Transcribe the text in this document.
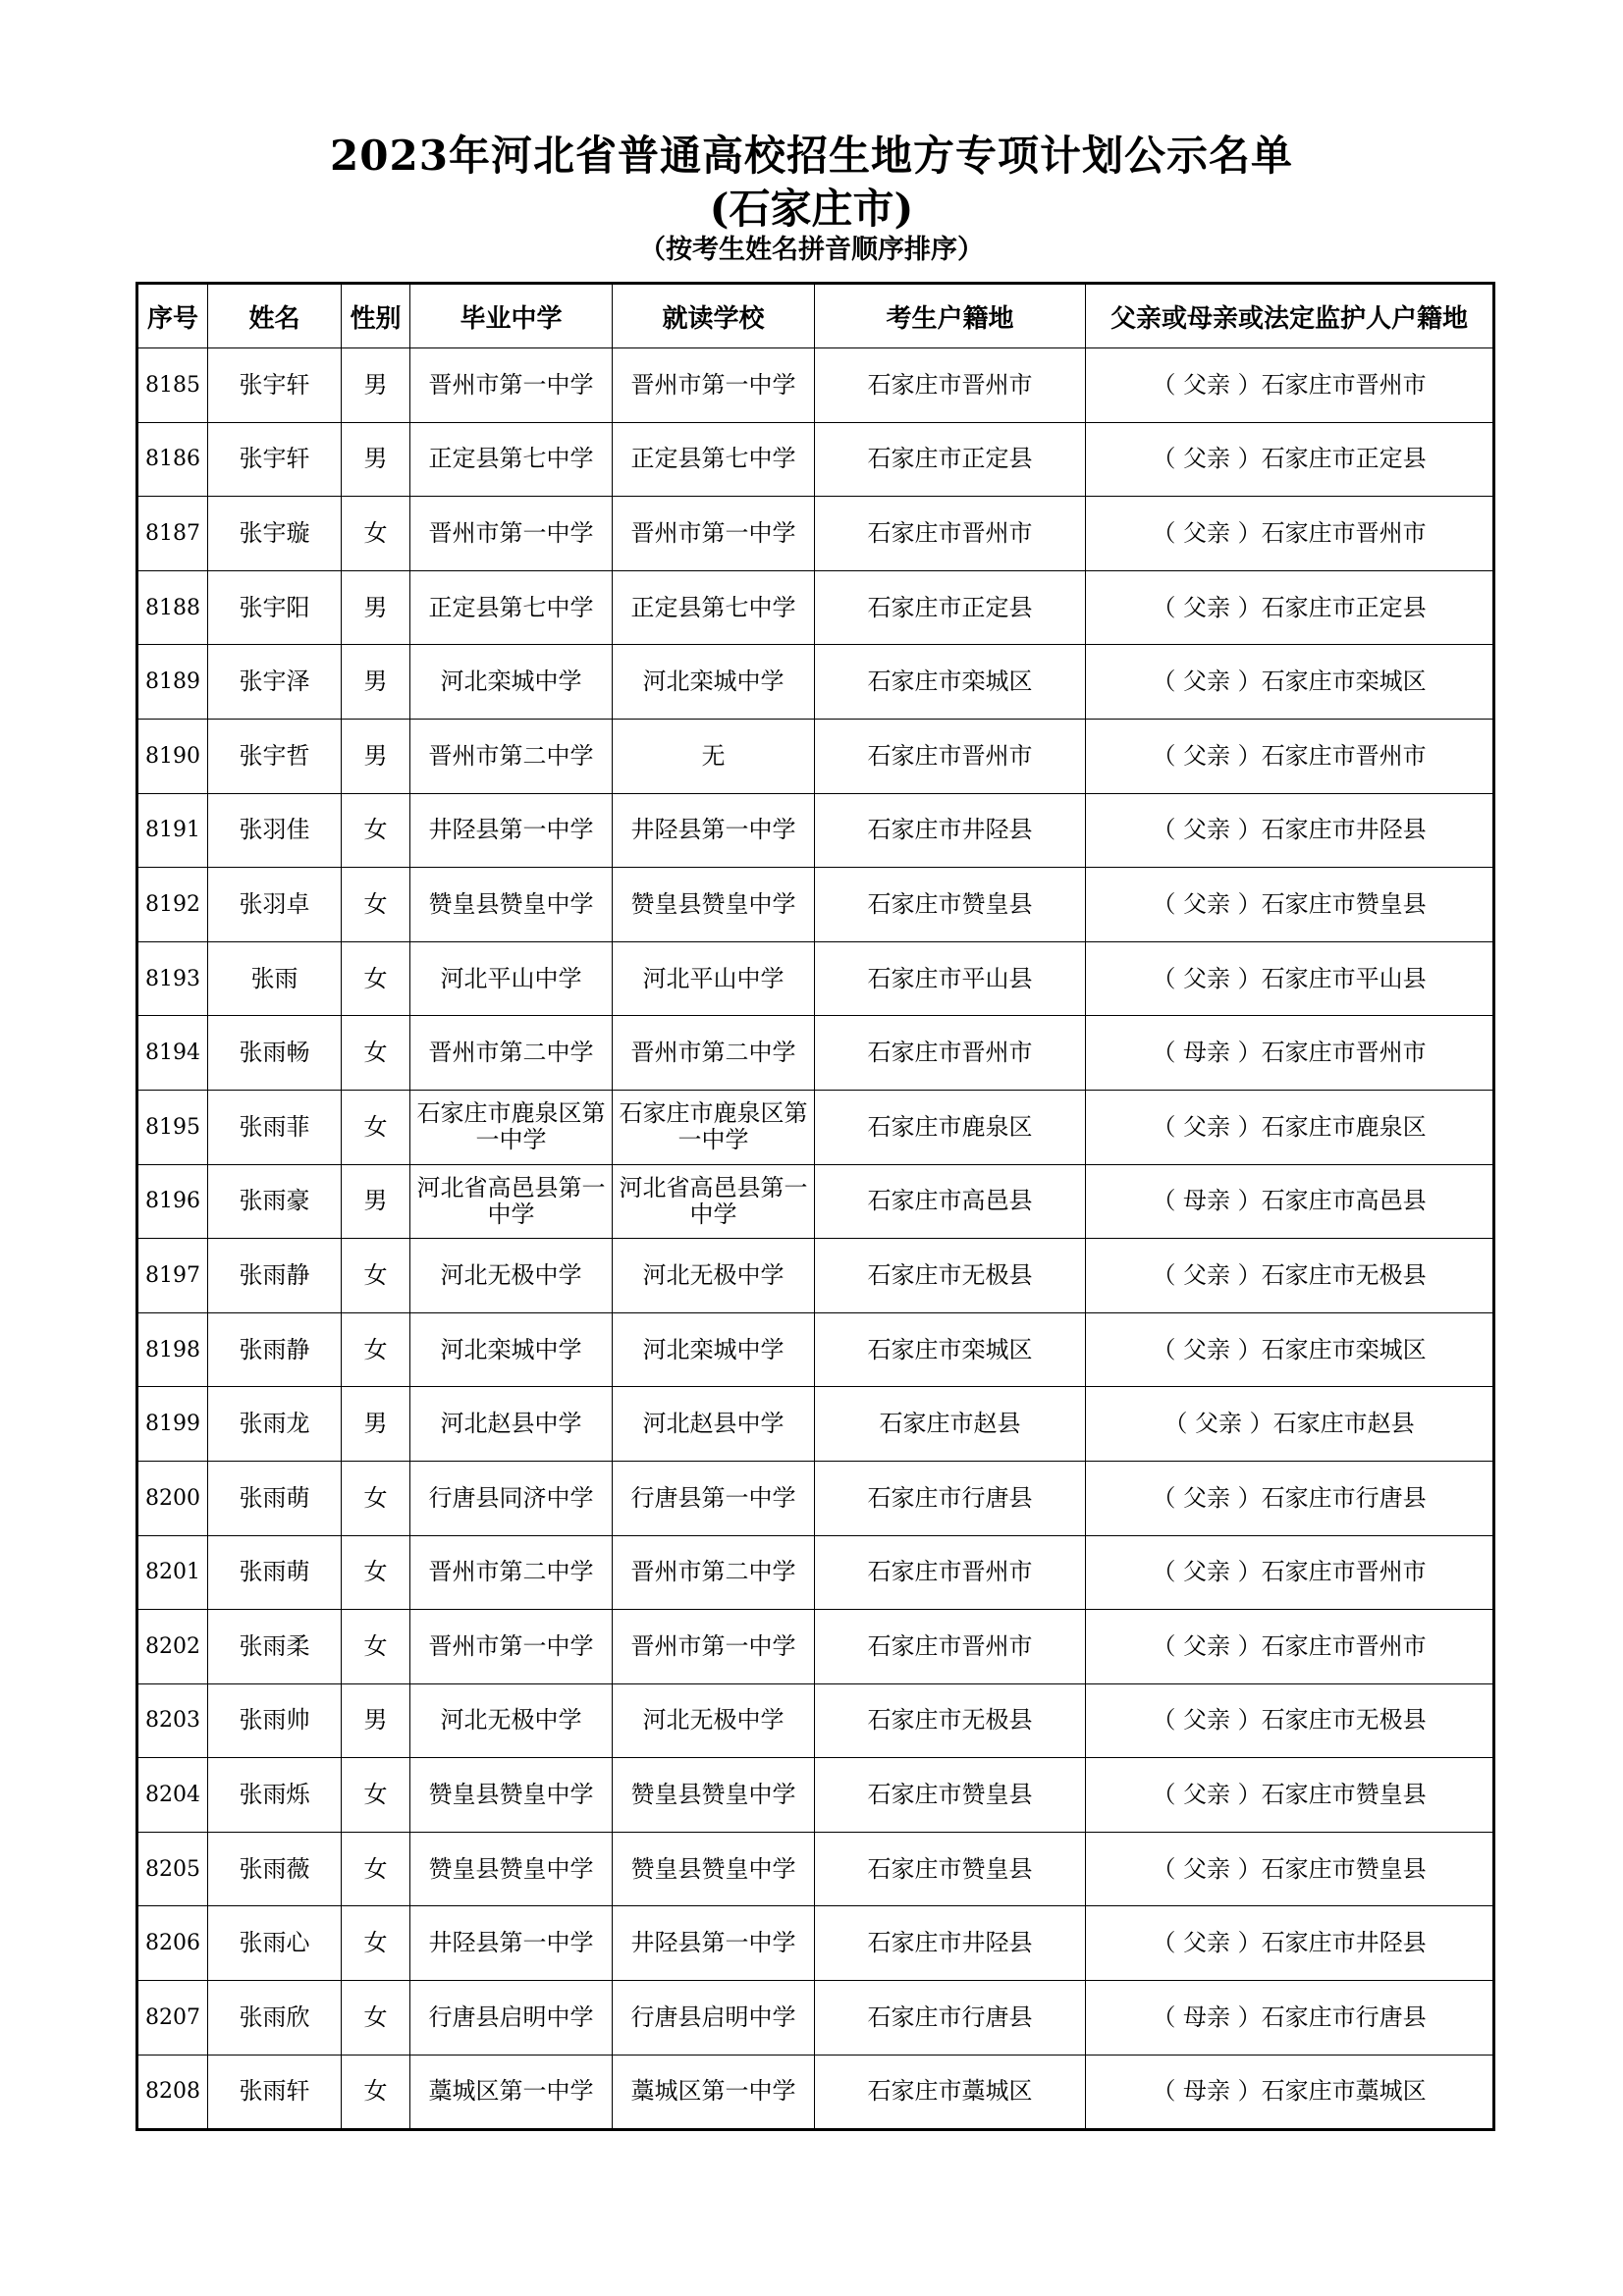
2023年河北省普通高校招生地方专项计划公示名单
(石家庄市)
（按考生姓名拼音顺序排序）
序号	姓名	性别	毕业中学	就读学校	考生户籍地	父亲或母亲或法定监护人户籍地
8185	张宇轩	男	晋州市第一中学	晋州市第一中学	石家庄市晋州市	（ 父亲 ）石家庄市晋州市
8186	张宇轩	男	正定县第七中学	正定县第七中学	石家庄市正定县	（ 父亲 ）石家庄市正定县
8187	张宇璇	女	晋州市第一中学	晋州市第一中学	石家庄市晋州市	（ 父亲 ）石家庄市晋州市
8188	张宇阳	男	正定县第七中学	正定县第七中学	石家庄市正定县	（ 父亲 ）石家庄市正定县
8189	张宇泽	男	河北栾城中学	河北栾城中学	石家庄市栾城区	（ 父亲 ）石家庄市栾城区
8190	张宇哲	男	晋州市第二中学	无	石家庄市晋州市	（ 父亲 ）石家庄市晋州市
8191	张羽佳	女	井陉县第一中学	井陉县第一中学	石家庄市井陉县	（ 父亲 ）石家庄市井陉县
8192	张羽卓	女	赞皇县赞皇中学	赞皇县赞皇中学	石家庄市赞皇县	（ 父亲 ）石家庄市赞皇县
8193	张雨	女	河北平山中学	河北平山中学	石家庄市平山县	（ 父亲 ）石家庄市平山县
8194	张雨畅	女	晋州市第二中学	晋州市第二中学	石家庄市晋州市	（ 母亲 ）石家庄市晋州市
8195	张雨菲	女	石家庄市鹿泉区第一中学	石家庄市鹿泉区第一中学	石家庄市鹿泉区	（ 父亲 ）石家庄市鹿泉区
8196	张雨豪	男	河北省高邑县第一中学	河北省高邑县第一中学	石家庄市高邑县	（ 母亲 ）石家庄市高邑县
8197	张雨静	女	河北无极中学	河北无极中学	石家庄市无极县	（ 父亲 ）石家庄市无极县
8198	张雨静	女	河北栾城中学	河北栾城中学	石家庄市栾城区	（ 父亲 ）石家庄市栾城区
8199	张雨龙	男	河北赵县中学	河北赵县中学	石家庄市赵县	（ 父亲 ）石家庄市赵县
8200	张雨萌	女	行唐县同济中学	行唐县第一中学	石家庄市行唐县	（ 父亲 ）石家庄市行唐县
8201	张雨萌	女	晋州市第二中学	晋州市第二中学	石家庄市晋州市	（ 父亲 ）石家庄市晋州市
8202	张雨柔	女	晋州市第一中学	晋州市第一中学	石家庄市晋州市	（ 父亲 ）石家庄市晋州市
8203	张雨帅	男	河北无极中学	河北无极中学	石家庄市无极县	（ 父亲 ）石家庄市无极县
8204	张雨烁	女	赞皇县赞皇中学	赞皇县赞皇中学	石家庄市赞皇县	（ 父亲 ）石家庄市赞皇县
8205	张雨薇	女	赞皇县赞皇中学	赞皇县赞皇中学	石家庄市赞皇县	（ 父亲 ）石家庄市赞皇县
8206	张雨心	女	井陉县第一中学	井陉县第一中学	石家庄市井陉县	（ 父亲 ）石家庄市井陉县
8207	张雨欣	女	行唐县启明中学	行唐县启明中学	石家庄市行唐县	（ 母亲 ）石家庄市行唐县
8208	张雨轩	女	藁城区第一中学	藁城区第一中学	石家庄市藁城区	（ 母亲 ）石家庄市藁城区
